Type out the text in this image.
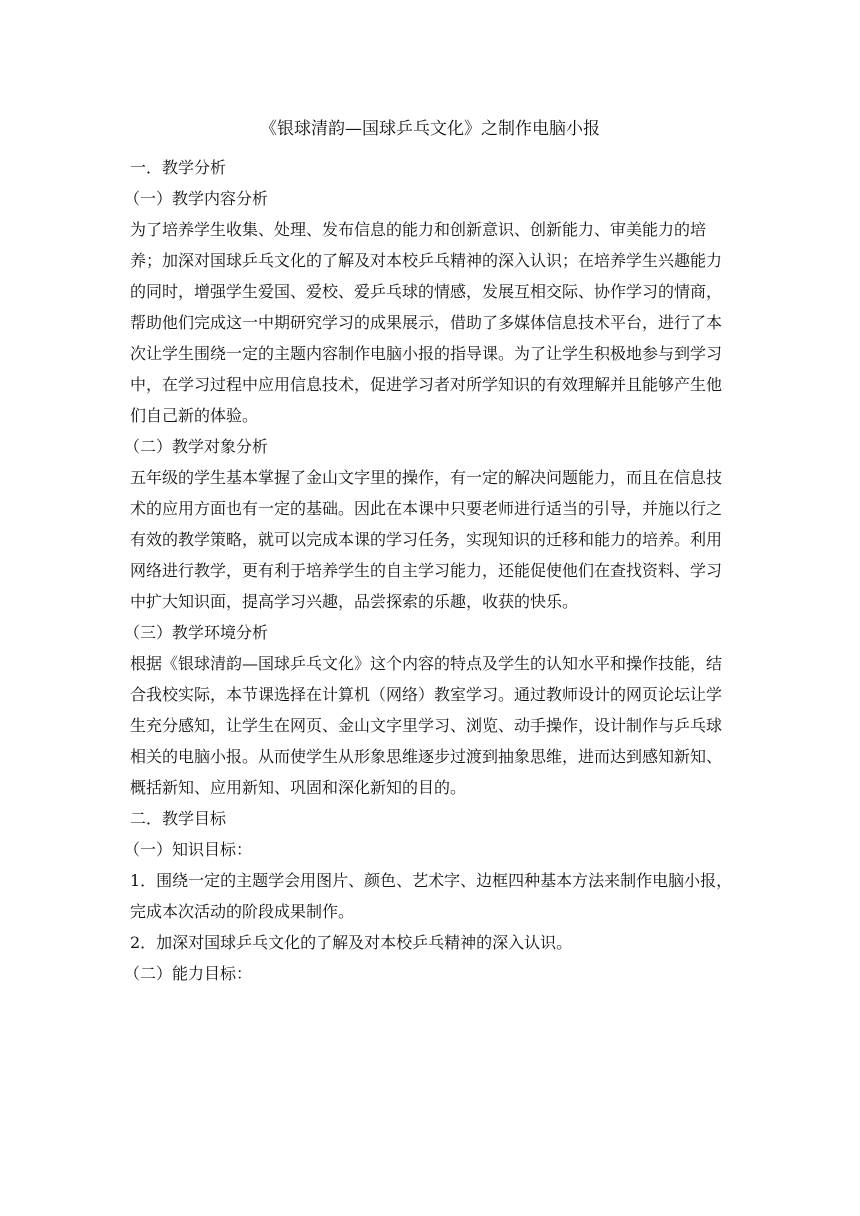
《银球清韵—国球乒乓文化》之制作电脑小报

一．教学分析

（一）教学内容分析

为了培养学生收集、处理、发布信息的能力和创新意识、创新能力、审美能力的培养；加深对国球乒乓文化的了解及对本校乒乓精神的深入认识；在培养学生兴趣能力的同时，增强学生爱国、爱校、爱乒乓球的情感，发展互相交际、协作学习的情商，帮助他们完成这一中期研究学习的成果展示，借助了多媒体信息技术平台，进行了本次让学生围绕一定的主题内容制作电脑小报的指导课。为了让学生积极地参与到学习中，在学习过程中应用信息技术，促进学习者对所学知识的有效理解并且能够产生他们自己新的体验。

（二）教学对象分析

五年级的学生基本掌握了金山文字里的操作，有一定的解决问题能力，而且在信息技术的应用方面也有一定的基础。因此在本课中只要老师进行适当的引导，并施以行之有效的教学策略，就可以完成本课的学习任务，实现知识的迁移和能力的培养。利用网络进行教学，更有利于培养学生的自主学习能力，还能促使他们在查找资料、学习中扩大知识面，提高学习兴趣，品尝探索的乐趣，收获的快乐。

（三）教学环境分析

根据《银球清韵—国球乒乓文化》这个内容的特点及学生的认知水平和操作技能，结合我校实际，本节课选择在计算机（网络）教室学习。通过教师设计的网页论坛让学生充分感知，让学生在网页、金山文字里学习、浏览、动手操作，设计制作与乒乓球相关的电脑小报。从而使学生从形象思维逐步过渡到抽象思维，进而达到感知新知、概括新知、应用新知、巩固和深化新知的目的。

二．教学目标

（一）知识目标：

1．围绕一定的主题学会用图片、颜色、艺术字、边框四种基本方法来制作电脑小报，完成本次活动的阶段成果制作。

2．加深对国球乒乓文化的了解及对本校乒乓精神的深入认识。

（二）能力目标：
